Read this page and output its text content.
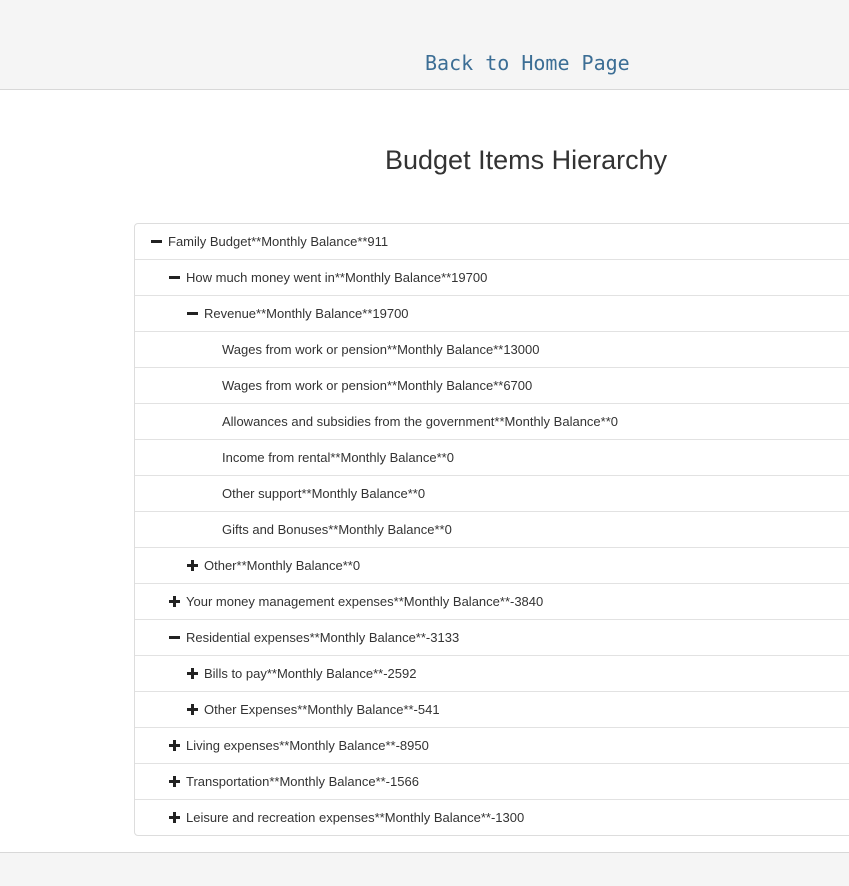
Back to Home Page
Budget Items Hierarchy
Family Budget**Monthly Balance**911
How much money went in**Monthly Balance**19700
Revenue**Monthly Balance**19700
Wages from work or pension**Monthly Balance**13000
Wages from work or pension**Monthly Balance**6700
Allowances and subsidies from the government**Monthly Balance**0
Income from rental**Monthly Balance**0
Other support**Monthly Balance**0
Gifts and Bonuses**Monthly Balance**0
Other**Monthly Balance**0
Your money management expenses**Monthly Balance**-3840
Residential expenses**Monthly Balance**-3133
Bills to pay**Monthly Balance**-2592
Other Expenses**Monthly Balance**-541
Living expenses**Monthly Balance**-8950
Transportation**Monthly Balance**-1566
Leisure and recreation expenses**Monthly Balance**-1300
